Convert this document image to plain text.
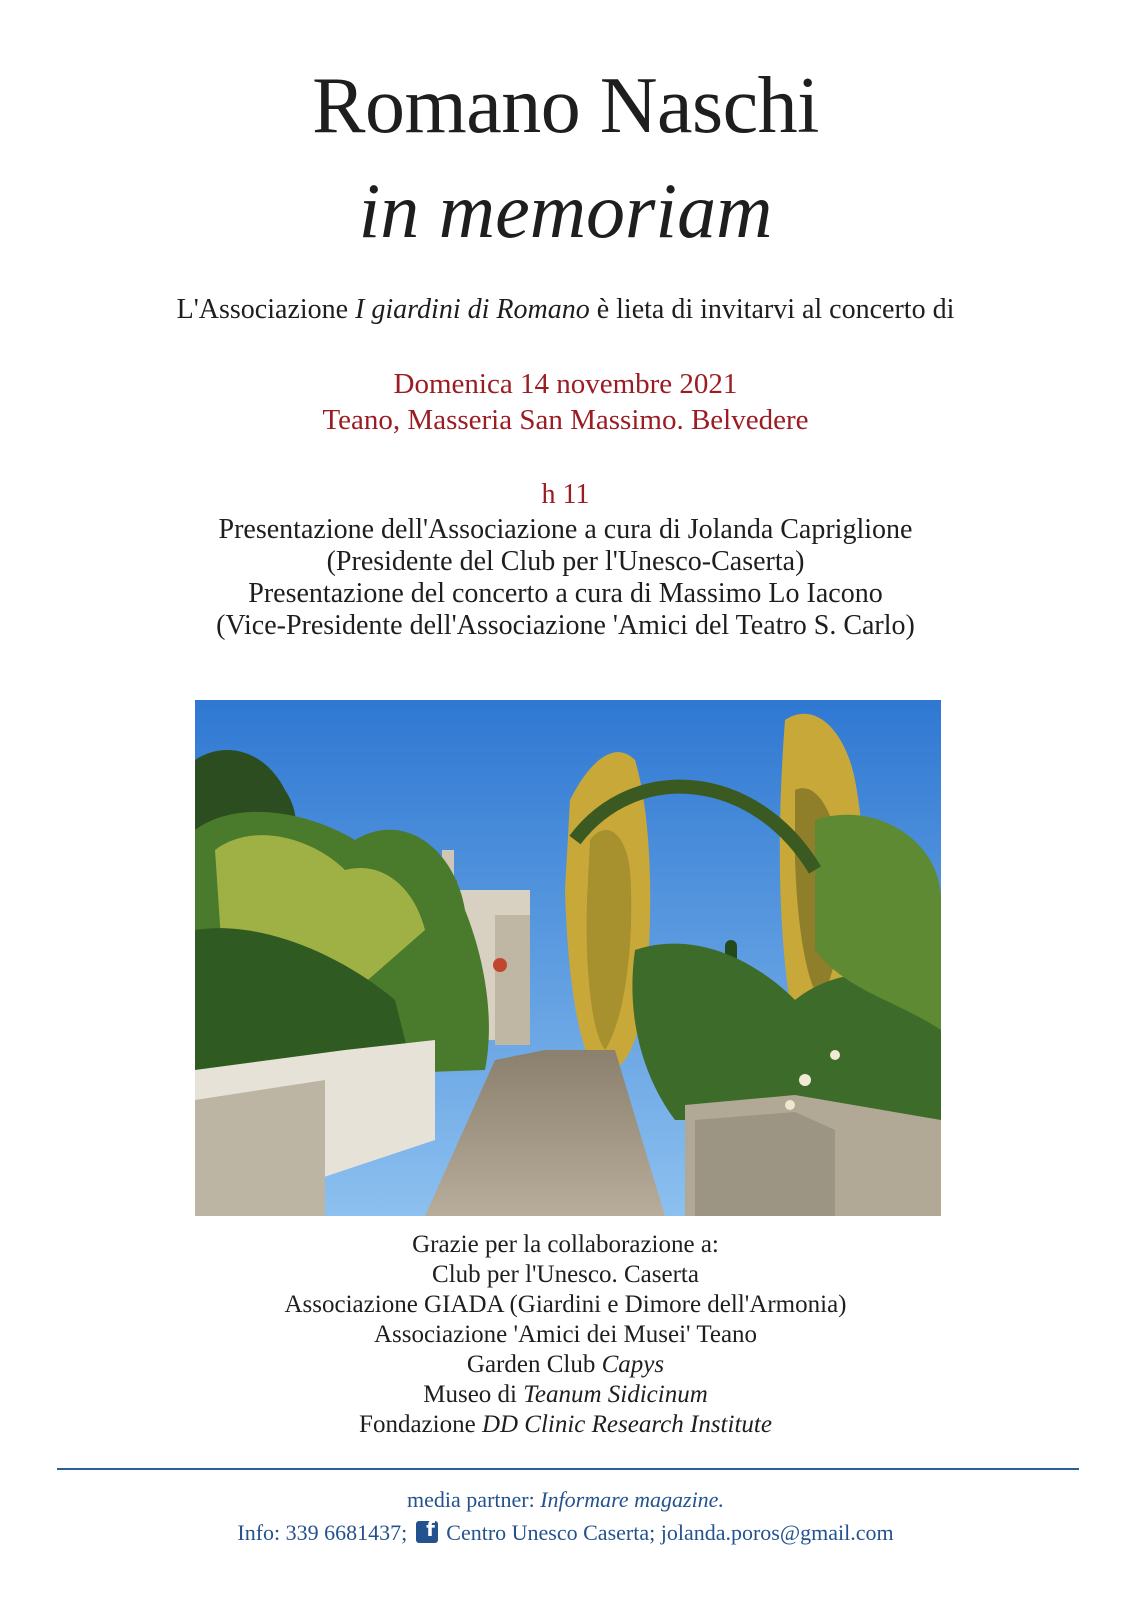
Romano Naschi
in memoriam
L'Associazione I giardini di Romano è lieta di invitarvi al concerto di
Domenica 14 novembre 2021
Teano, Masseria San Massimo. Belvedere
h 11
Presentazione dell'Associazione a cura di Jolanda Capriglione
(Presidente del Club per l'Unesco-Caserta)
Presentazione del concerto a cura di Massimo Lo Iacono
(Vice-Presidente dell'Associazione 'Amici del Teatro S. Carlo)
Grazie per la collaborazione a:
Club per l'Unesco. Caserta
Associazione GIADA (Giardini e Dimore dell'Armonia)
Associazione 'Amici dei Musei' Teano
Garden Club Capys
Museo di Teanum Sidicinum
Fondazione DD Clinic Research Institute
media partner: Informare magazine.
Info: 339 6681437; f Centro Unesco Caserta; jolanda.poros@gmail.com
